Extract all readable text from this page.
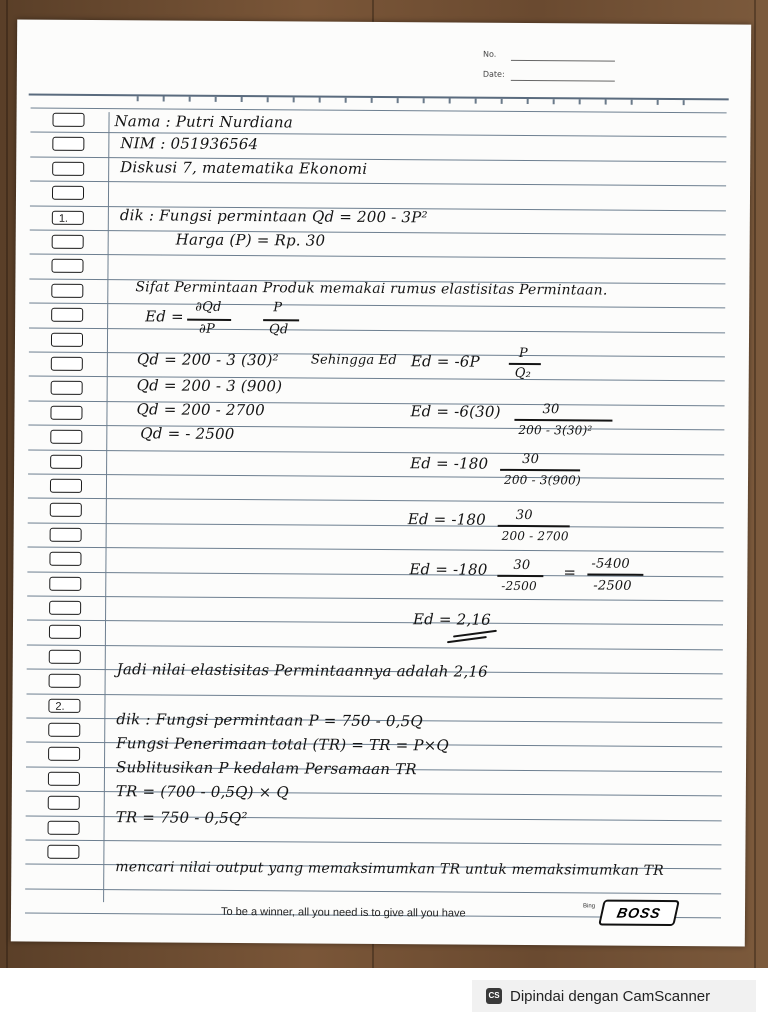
No.
Date:
1.
2.
Nama : Putri Nurdiana
NIM : 051936564
Diskusi 7, matematika Ekonomi
dik : Fungsi permintaan Qd = 200 - 3P²
Harga (P) = Rp. 30
Sifat Permintaan Produk memakai rumus elastisitas Permintaan.
Ed =
∂Qd
∂P
P
Qd
Qd = 200 - 3 (30)² Sehingga Ed Ed = -6P	P
Q₂
Qd = 200 - 3 (900)
Qd = 200 - 2700	Ed = -6(30)	30
200 - 3(30)²
Qd = - 2500
Ed = -180	30
200 - 3(900)
Ed = -180 30
200 - 2700
Ed = -180 30
-2500
= -5400
-2500
Ed = 2,16
Jadi nilai elastisitas Permintaannya adalah 2,16
dik : Fungsi permintaan P = 750 - 0,5Q
Fungsi Penerimaan total (TR) = TR = P×Q
Sublitusikan P kedalam Persamaan TR
TR = (700 - 0,5Q) × Q
TR = 750 - 0,5Q²
mencari nilai output yang memaksimumkan TR untuk memaksimumkan TR
To be a winner, all you need is to give all you have	Bing	BOSS
CS Dipindai dengan CamScanner
